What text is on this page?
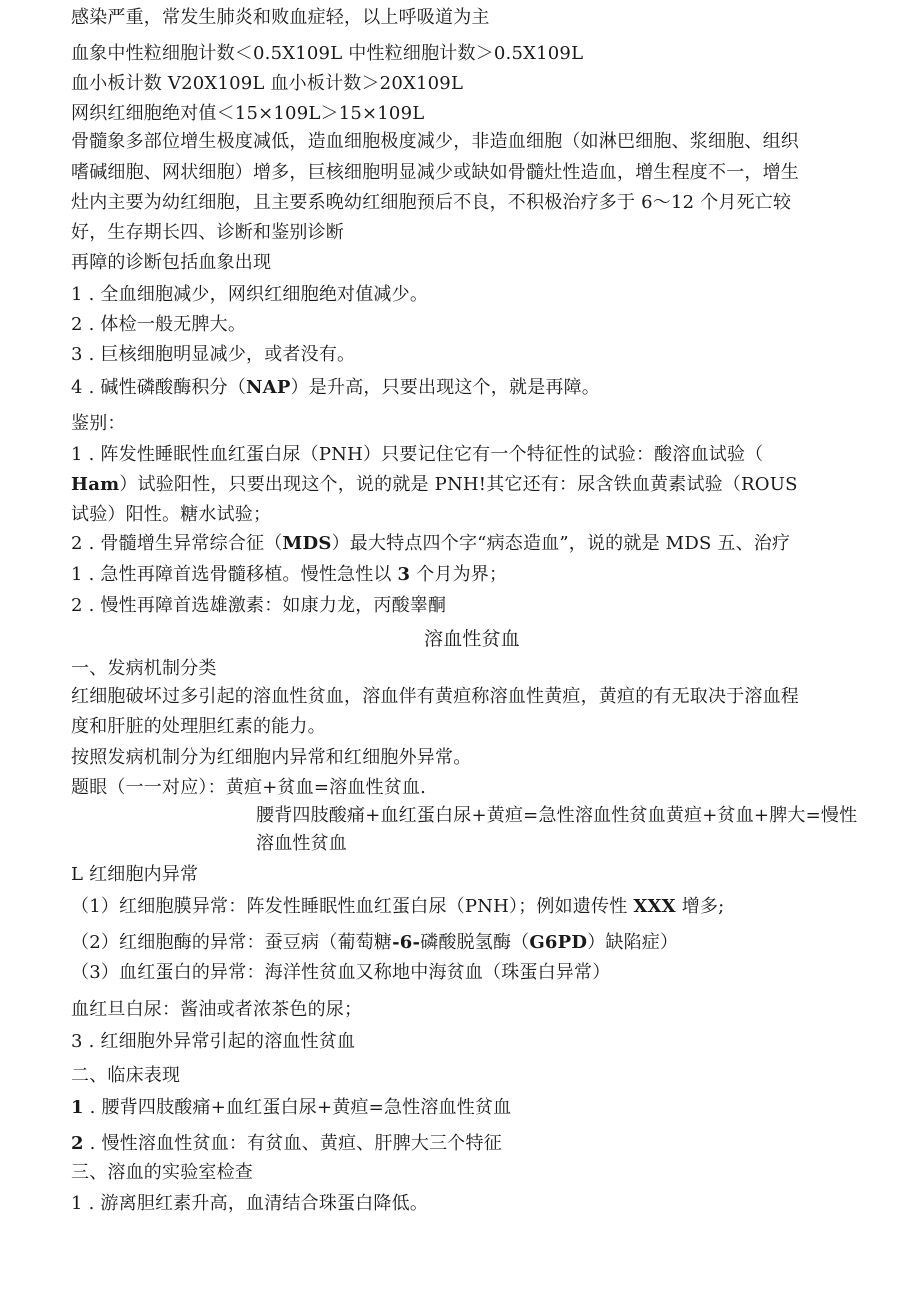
感染严重，常发生肺炎和败血症轻，以上呼吸道为主
血象中性粒细胞计数＜0.5X109L 中性粒细胞计数＞0.5X109L
血小板计数 V20X109L 血小板计数＞20X109L
网织红细胞绝对值＜15×109L＞15×109L
骨髓象多部位增生极度减低，造血细胞极度减少，非造血细胞（如淋巴细胞、浆细胞、组织
嗜碱细胞、网状细胞）增多，巨核细胞明显减少或缺如骨髓灶性造血，增生程度不一，增生
灶内主要为幼红细胞，且主要系晚幼红细胞预后不良，不积极治疗多于 6～12 个月死亡较
好，生存期长四、诊断和鉴别诊断
再障的诊断包括血象出现
1 . 全血细胞减少，网织红细胞绝对值减少。
2 . 体检一般无脾大。
3 . 巨核细胞明显减少，或者没有。
4 . 碱性磷酸酶积分（NAP）是升高，只要出现这个，就是再障。
鉴别：
1 . 阵发性睡眠性血红蛋白尿（PNH）只要记住它有一个特征性的试验：酸溶血试验（
Ham）试验阳性，只要出现这个，说的就是 PNH!其它还有：尿含铁血黄素试验（ROUS
试验）阳性。糖水试验；
2 . 骨髓增生异常综合征（MDS）最大特点四个字“病态造血”，说的就是 MDS 五、治疗
1 . 急性再障首选骨髓移植。慢性急性以 3 个月为界；
2 . 慢性再障首选雄激素：如康力龙，丙酸睾酮
溶血性贫血
一、发病机制分类
红细胞破坏过多引起的溶血性贫血，溶血伴有黄疸称溶血性黄疸，黄疸的有无取决于溶血程
度和肝脏的处理胆红素的能力。
按照发病机制分为红细胞内异常和红细胞外异常。
题眼（一一对应）：黄疸+贫血=溶血性贫血.
腰背四肢酸痛+血红蛋白尿+黄疸=急性溶血性贫血黄疸+贫血+脾大=慢性
溶血性贫血
L 红细胞内异常
（1）红细胞膜异常：阵发性睡眠性血红蛋白尿（PNH）；例如遗传性 XXX 增多;
（2）红细胞酶的异常：蚕豆病（葡萄糖-6-磷酸脱氢酶（G6PD）缺陷症）
（3）血红蛋白的异常：海洋性贫血又称地中海贫血（珠蛋白异常）
血红旦白尿：酱油或者浓茶色的尿；
3 . 红细胞外异常引起的溶血性贫血
二、临床表现
1 . 腰背四肢酸痛+血红蛋白尿+黄疸=急性溶血性贫血
2 . 慢性溶血性贫血：有贫血、黄疸、肝脾大三个特征
三、溶血的实验室检查
1 . 游离胆红素升高，血清结合珠蛋白降低。
